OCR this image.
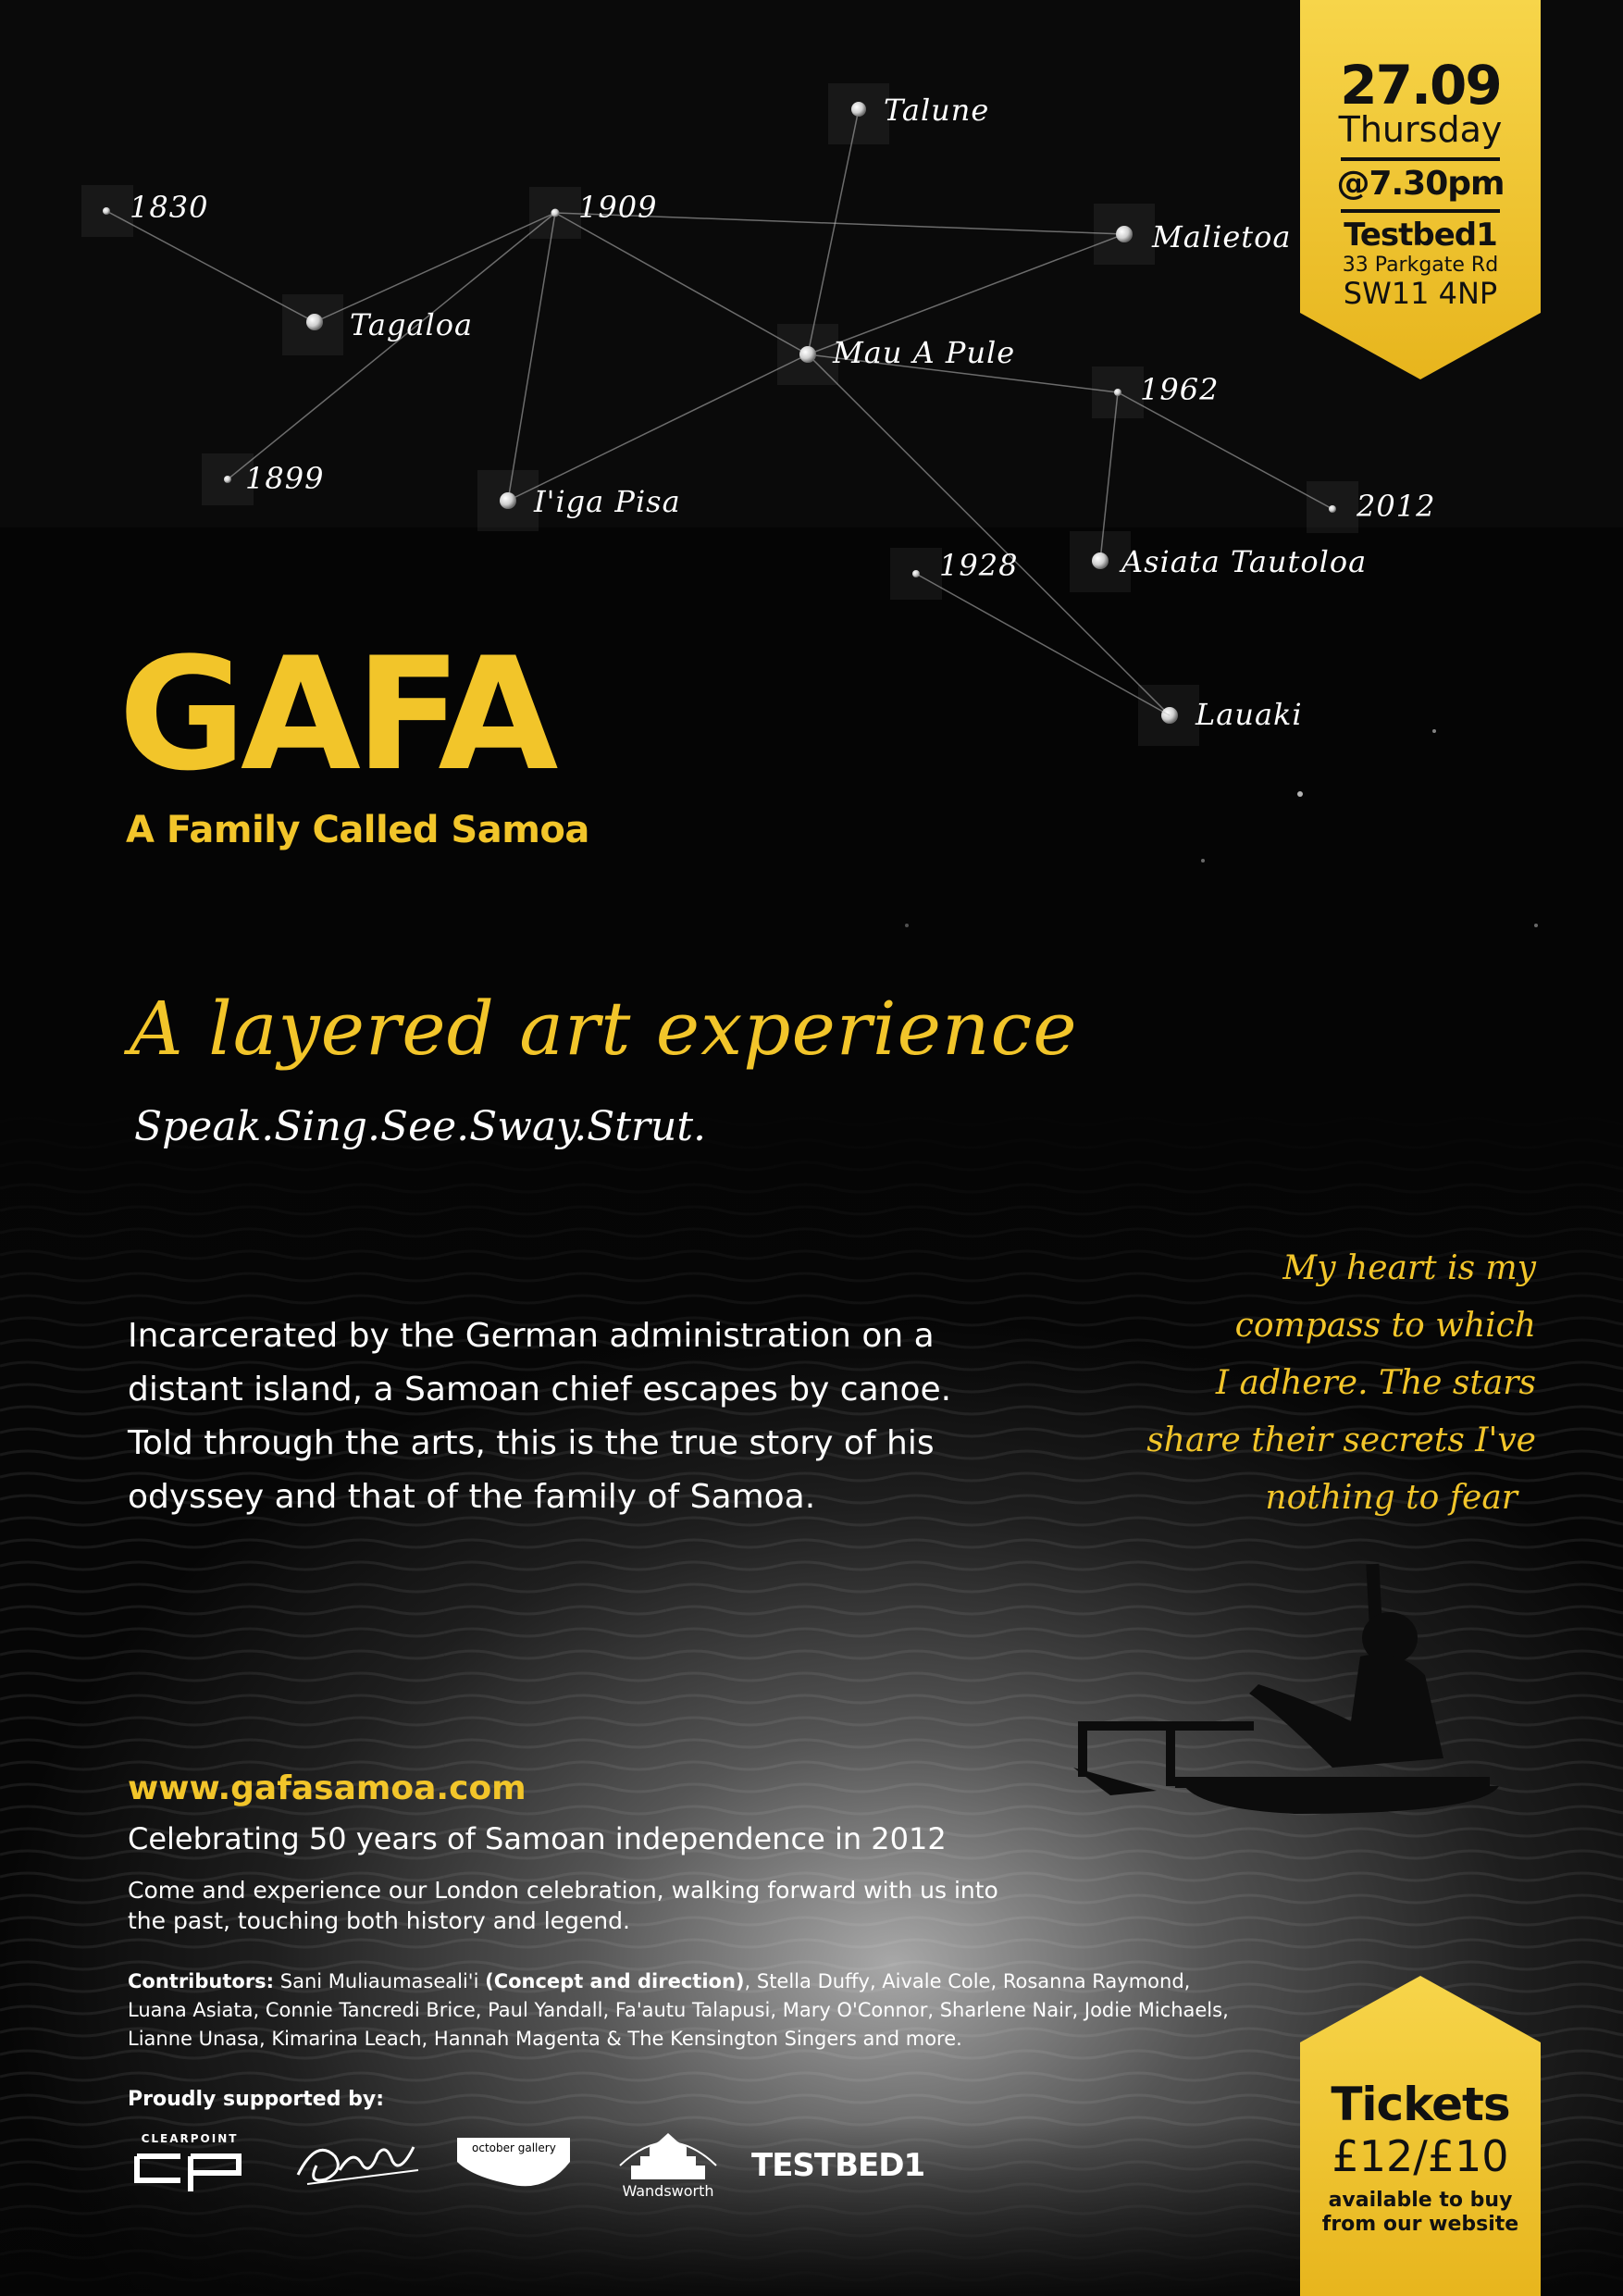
1830
Tagaloa
1909
Talune
Malietoa
Mau A Pule
1962
2012
1899
I'iga Pisa
1928	Asiata Tautoloa
Lauaki
27.09
Thursday
@7.30pm
Testbed1
33 Parkgate Rd
SW11 4NP
GAFA
A Family Called Samoa
A layered art experience
Speak.Sing.See.Sway.Strut.
Incarcerated by the German administration on a distant island, a Samoan chief escapes by canoe. Told through the arts, this is the true story of his odyssey and that of the family of Samoa.
My heart is my
compass to which
I adhere. The stars
share their secrets I've
nothing to fear
www.gafasamoa.com
Celebrating 50 years of Samoan independence in 2012
Come and experience our London celebration, walking forward with us into the past, touching both history and legend.
Contributors: Sani Muliaumaseali'i (Concept and direction), Stella Duffy, Aivale Cole, Rosanna Raymond, Luana Asiata, Connie Tancredi Brice, Paul Yandall, Fa'autu Talapusi, Mary O'Connor, Sharlene Nair, Jodie Michaels, Lianne Unasa, Kimarina Leach, Hannah Magenta & The Kensington Singers and more.
Proudly supported by:
CLEARPOINT
october gallery
Wandsworth
TESTBED1
Tickets
£12/£10
available to buy
from our website
